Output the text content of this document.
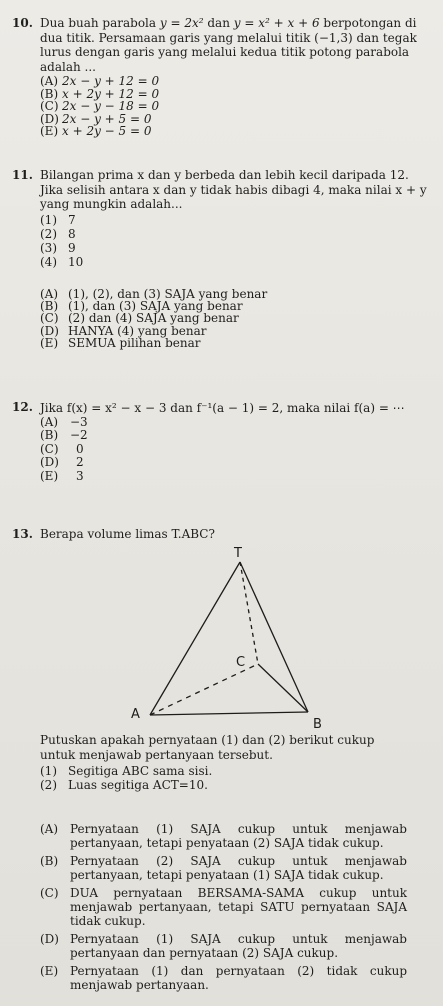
10. Dua buah parabola y = 2x² dan y = x² + x + 6 berpotongan di dua titik. Persamaan garis yang melalui titik (−1,3) dan tegak lurus dengan garis yang melalui kedua titik potong parabola adalah ...

(A) 2x − y + 12 = 0
(B) x + 2y + 12 = 0
(C) 2x − y − 18 = 0
(D) 2x − y + 5 = 0
(E) x + 2y − 5 = 0
11. Bilangan prima x dan y berbeda dan lebih kecil daripada 12. Jika selisih antara x dan y tidak habis dibagi 4, maka nilai x + y yang mungkin adalah...

(1) 7
(2) 8
(3) 9
(4) 10
(A) (1), (2), dan (3) SAJA yang benar
(B) (1), dan (3) SAJA yang benar
(C) (2) dan (4) SAJA yang benar
(D) HANYA (4) yang benar
(E) SEMUA pilihan benar
12. Jika f(x) = x² − x − 3 dan f⁻¹(a − 1) = 2, maka nilai f(a) = ⋯

(A) −3
(B) −2
(C)	0
(D)	2
(E)	3
13. Berapa volume limas T.ABC?

T
C
A
B

Putuskan apakah pernyataan (1) dan (2) berikut cukup untuk menjawab pertanyaan tersebut.

(1) Segitiga ABC sama sisi.
(2) Luas segitiga ACT=10.
(A) Pernyataan (1) SAJA cukup untuk menjawab pertanyaan, tetapi penyataan (2) SAJA tidak cukup.
(B) Pernyataan (2) SAJA cukup untuk menjawab pertanyaan, tetapi penyataan (1) SAJA tidak cukup.
(C) DUA pernyataan BERSAMA-SAMA cukup untuk menjawab pertanyaan, tetapi SATU pernyataan SAJA tidak cukup.
(D) Pernyataan (1) SAJA cukup untuk menjawab pertanyaan dan pernyataan (2) SAJA cukup.
(E) Pernyataan (1) dan pernyataan (2) tidak cukup menjawab pertanyaan.
